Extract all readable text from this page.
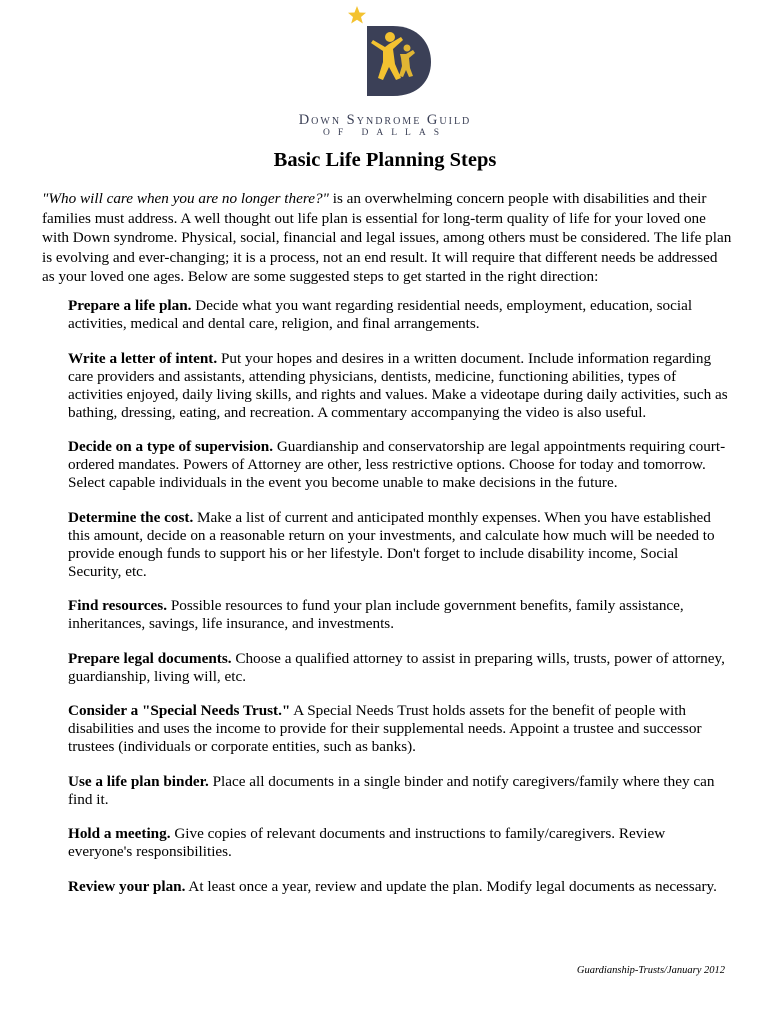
Down Syndrome Guild
OF DALLAS
Basic Life Planning Steps

"Who will care when you are no longer there?" is an overwhelming concern people with disabilities and their families must address. A well thought out life plan is essential for long-term quality of life for your loved one with Down syndrome. Physical, social, financial and legal issues, among others must be considered. The life plan is evolving and ever-changing; it is a process, not an end result. It will require that different needs be addressed as your loved one ages. Below are some suggested steps to get started in the right direction:

Prepare a life plan. Decide what you want regarding residential needs, employment, education, social activities, medical and dental care, religion, and final arrangements.

Write a letter of intent. Put your hopes and desires in a written document. Include information regarding care providers and assistants, attending physicians, dentists, medicine, functioning abilities, types of activities enjoyed, daily living skills, and rights and values. Make a videotape during daily activities, such as bathing, dressing, eating, and recreation. A commentary accompanying the video is also useful.

Decide on a type of supervision. Guardianship and conservatorship are legal appointments requiring court-ordered mandates. Powers of Attorney are other, less restrictive options. Choose for today and tomorrow. Select capable individuals in the event you become unable to make decisions in the future.

Determine the cost. Make a list of current and anticipated monthly expenses. When you have established this amount, decide on a reasonable return on your investments, and calculate how much will be needed to provide enough funds to support his or her lifestyle. Don't forget to include disability income, Social Security, etc.

Find resources. Possible resources to fund your plan include government benefits, family assistance, inheritances, savings, life insurance, and investments.

Prepare legal documents. Choose a qualified attorney to assist in preparing wills, trusts, power of attorney, guardianship, living will, etc.

Consider a "Special Needs Trust." A Special Needs Trust holds assets for the benefit of people with disabilities and uses the income to provide for their supplemental needs. Appoint a trustee and successor trustees (individuals or corporate entities, such as banks).

Use a life plan binder. Place all documents in a single binder and notify caregivers/family where they can find it.

Hold a meeting. Give copies of relevant documents and instructions to family/caregivers. Review everyone's responsibilities.

Review your plan. At least once a year, review and update the plan. Modify legal documents as necessary.

Guardianship-Trusts/January 2012
